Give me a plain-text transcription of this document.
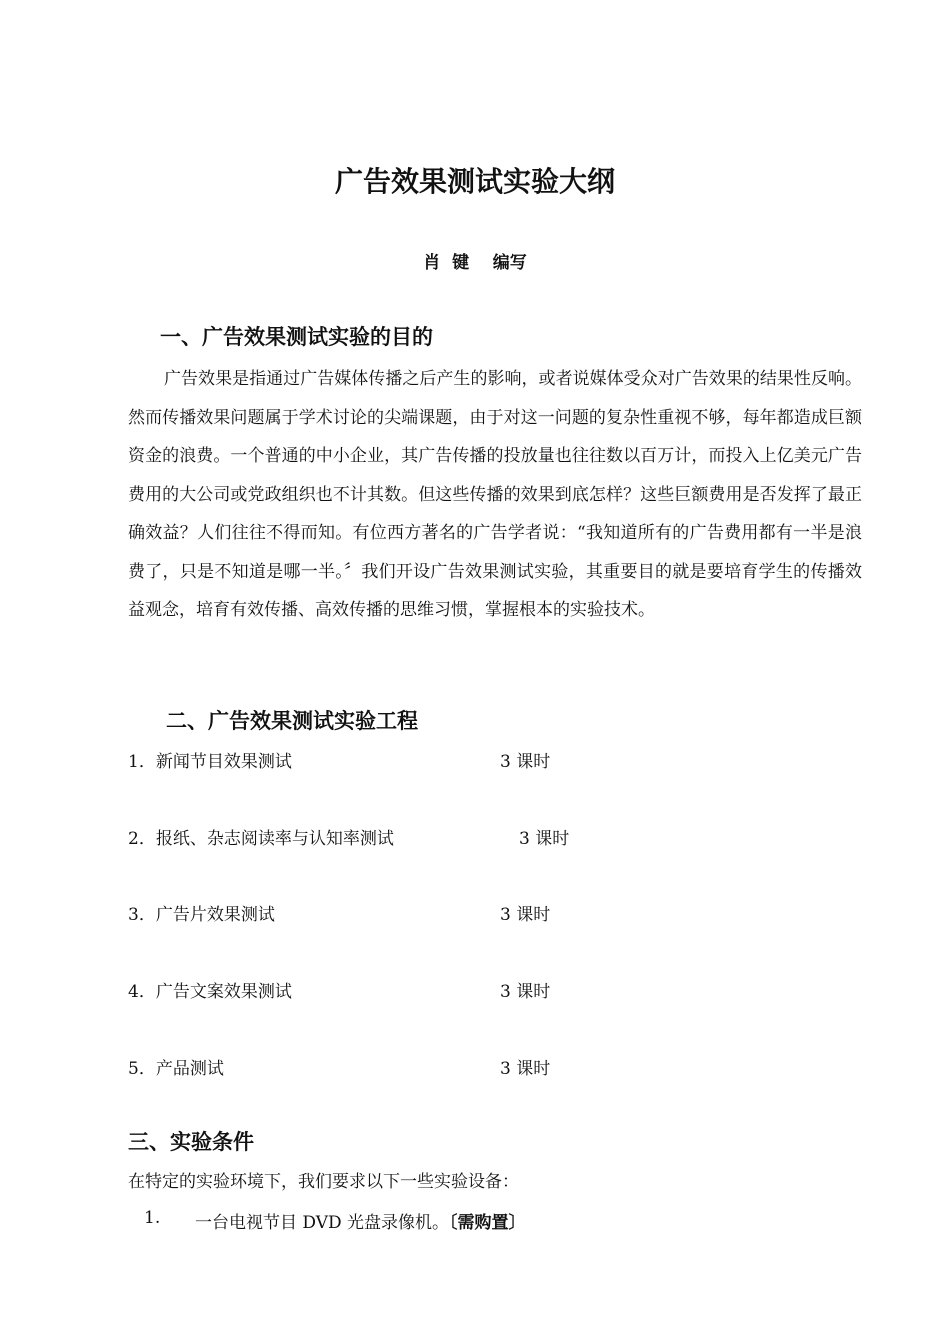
广告效果测试实验大纲
肖  键    编写
一、广告效果测试实验的目的
广告效果是指通过广告媒体传播之后产生的影响，或者说媒体受众对广告效果的结果性反响。然而传播效果问题属于学术讨论的尖端课题，由于对这一问题的复杂性重视不够，每年都造成巨额资金的浪费。一个普通的中小企业，其广告传播的投放量也往往数以百万计，而投入上亿美元广告费用的大公司或党政组织也不计其数。但这些传播的效果到底怎样？这些巨额费用是否发挥了最正确效益？人们往往不得而知。有位西方著名的广告学者说：“我知道所有的广告费用都有一半是浪费了，只是不知道是哪一半。〞我们开设广告效果测试实验，其重要目的就是要培育学生的传播效益观念，培育有效传播、高效传播的思维习惯，掌握根本的实验技术。
二、广告效果测试实验工程
1．新闻节目效果测试	3 课时
2．报纸、杂志阅读率与认知率测试	3 课时
3．广告片效果测试	3 课时
4．广告文案效果测试	3 课时
5．产品测试	3 课时
三、实验条件
在特定的实验环境下，我们要求以下一些实验设备：
1. 一台电视节目 DVD 光盘录像机。〔需购置〕
